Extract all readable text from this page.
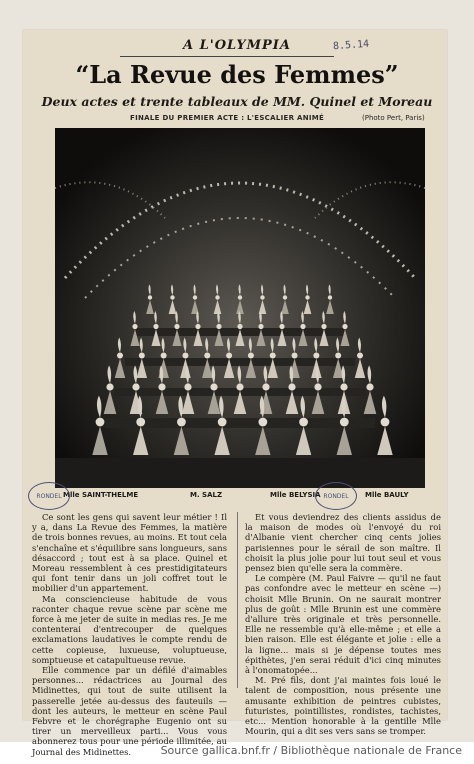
8.5.14
A L'OLYMPIA
“La Revue des Femmes”
Deux actes et trente tableaux de MM. Quinel et Moreau
FINALE DU PREMIER ACTE : L'ESCALIER ANIMÉ	(Photo Pert, Paris)
Mlle SAINT-THELME	M. SALZ	Mlle BELYSIA	Mlle BAULY
RONDEL	RONDEL

Ce sont les gens qui savent leur métier ! Il y a, dans La Revue des Femmes, la matière de trois bonnes revues, au moins. Et tout cela s'enchaîne et s'équilibre sans longueurs, sans désaccord ; tout est à sa place. Quinel et Moreau ressemblent à ces prestidigitateurs qui font tenir dans un joli coffret tout le mobilier d'un appartement.

Ma consciencieuse habitude de vous raconter chaque revue scène par scène me force à me jeter de suite in medias res. Je me contenterai d'entrecouper de quelques exclamations laudatives le compte rendu de cette copieuse, luxueuse, voluptueuse, somptueuse et catapultueuse revue.

Elle commence par un défilé d'aimables personnes... rédactrices au Journal des Midinettes, qui tout de suite utilisent la passerelle jetée au-dessus des fauteuils — dont les auteurs, le metteur en scène Paul Febvre et le chorégraphe Eugenio ont su tirer un merveilleux parti... Vous vous abonnerez tous pour une période illimitée, au Journal des Midinettes.

Et vous deviendrez des clients assidus de la maison de modes où l'envoyé du roi d'Albanie vient chercher cinq cents jolies parisiennes pour le sérail de son maître. Il choisit la plus jolie pour lui tout seul et vous pensez bien qu'elle sera la commère.

Le compère (M. Paul Faivre — qu'il ne faut pas confondre avec le metteur en scène —) choisit Mlle Brunin. On ne saurait montrer plus de goût : Mlle Brunin est une commère d'allure très originale et très personnelle. Elle ne ressemble qu'à elle-même ; et elle a bien raison. Elle est élégante et jolie : elle a la ligne... mais si je dépense toutes mes épithètes, j'en serai réduit d'ici cinq minutes à l'onomatopée...

M. Pré fils, dont j'ai maintes fois loué le talent de composition, nous présente une amusante exhibition de peintres cubistes, futuristes, pointillistes, rondistes, tachistes, etc... Mention honorable à la gentille Mlle Mourin, qui a dit ses vers sans se tromper.

Source gallica.bnf.fr / Bibliothèque nationale de France
